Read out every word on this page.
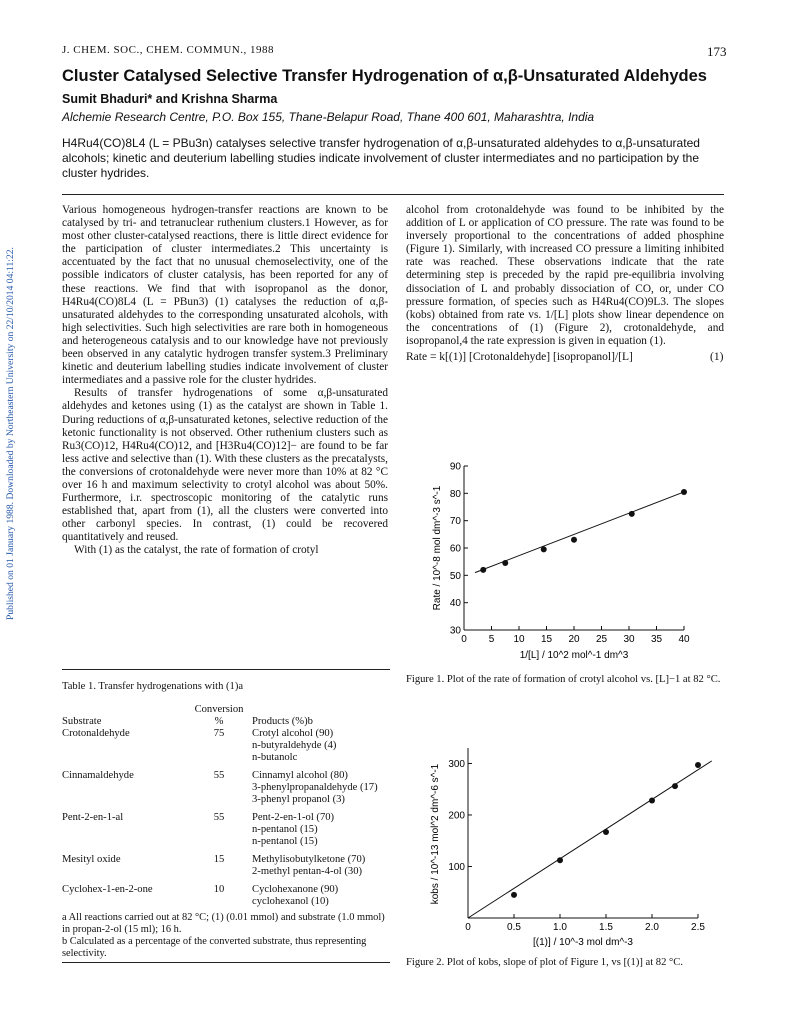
Published on 01 January 1988. Downloaded by Northeastern University on 22/10/2014 04:11:22.
J. CHEM. SOC., CHEM. COMMUN., 1988	173
Cluster Catalysed Selective Transfer Hydrogenation of α,β-Unsaturated Aldehydes
Sumit Bhaduri* and Krishna Sharma
Alchemie Research Centre, P.O. Box 155, Thane-Belapur Road, Thane 400 601, Maharashtra, India
H4Ru4(CO)8L4 (L = PBu3n) catalyses selective transfer hydrogenation of α,β-unsaturated aldehydes to α,β-unsaturated alcohols; kinetic and deuterium labelling studies indicate involvement of cluster intermediates and no participation by the cluster hydrides.

Various homogeneous hydrogen-transfer reactions are known to be catalysed by tri- and tetranuclear ruthenium clusters.1 However, as for most other cluster-catalysed reactions, there is little direct evidence for the participation of cluster intermediates.2 This uncertainty is accentuated by the fact that no unusual chemoselectivity, one of the possible indicators of cluster catalysis, has been reported for any of these reactions. We find that with isopropanol as the donor, H4Ru4(CO)8L4 (L = PBun3) (1) catalyses the reduction of α,β-unsaturated aldehydes to the corresponding unsaturated alcohols, with high selectivities. Such high selectivities are rare both in homogeneous and heterogeneous catalysis and to our knowledge have not previously been observed in any catalytic hydrogen transfer system.3 Preliminary kinetic and deuterium labelling studies indicate involvement of cluster intermediates and a passive role for the cluster hydrides.

Results of transfer hydrogenations of some α,β-unsaturated aldehydes and ketones using (1) as the catalyst are shown in Table 1. During reductions of α,β-unsaturated ketones, selective reduction of the ketonic functionality is not observed. Other ruthenium clusters such as Ru3(CO)12, H4Ru4(CO)12, and [H3Ru4(CO)12]− are found to be far less active and selective than (1). With these clusters as the precatalysts, the conversions of crotonaldehyde were never more than 10% at 82 °C over 16 h and maximum selectivity to crotyl alcohol was about 50%. Furthermore, i.r. spectroscopic monitoring of the catalytic runs established that, apart from (1), all the clusters were converted into other carbonyl species. In contrast, (1) could be recovered quantitatively and reused.

With (1) as the catalyst, the rate of formation of crotyl

alcohol from crotonaldehyde was found to be inhibited by the addition of L or application of CO pressure. The rate was found to be inversely proportional to the concentrations of added phosphine (Figure 1). Similarly, with increased CO pressure a limiting inhibited rate was reached. These observations indicate that the rate determining step is preceded by the rapid pre-equilibria involving dissociation of L and probably dissociation of CO, or, under CO pressure formation, of species such as H4Ru4(CO)9L3. The slopes (kobs) obtained from rate vs. 1/[L] plots show linear dependence on the concentrations of (1) (Figure 2), crotonaldehyde, and isopropanol,4 the rate expression is given in equation (1).

Rate = k[(1)] [Crotonaldehyde] [isopropanol]/[L]	(1)
Table 1. Transfer hydrogenations with (1)a
	Conversion	
Substrate	%	Products (%)b
Crotonaldehyde	75	Crotyl alcohol (90)
n-butyraldehyde (4)
n-butanolc

Cinnamaldehyde	55	Cinnamyl alcohol (80)
3-phenylpropanaldehyde (17)
3-phenyl propanol (3)

Pent-2-en-1-al	55	Pent-2-en-1-ol (70)
n-pentanol (15)
n-pentanol (15)

Mesityl oxide	15	Methylisobutylketone (70)
2-methyl pentan-4-ol (30)

Cyclohex-1-en-2-one	10	Cyclohexanone (90)
cyclohexanol (10)
a All reactions carried out at 82 °C; (1) (0.01 mmol) and substrate (1.0 mmol) in propan-2-ol (15 ml); 16 h.
b Calculated as a percentage of the converted substrate, thus representing selectivity.
0 5 10 15 20 25 30 35 40
30
40
50
60
70
80
90
Rate / 10^-8 mol dm^-3 s^-1
1/[L] / 10^2 mol^-1 dm^3
Figure 1. Plot of the rate of formation of crotyl alcohol vs. [L]−1 at 82 °C.
0	0.5	1.0	1.5	2.0	2.5
100
200
300
kobs / 10^-13 mol^2 dm^-6 s^-1
[(1)] / 10^-3 mol dm^-3
Figure 2. Plot of kobs, slope of plot of Figure 1, vs [(1)] at 82 °C.
